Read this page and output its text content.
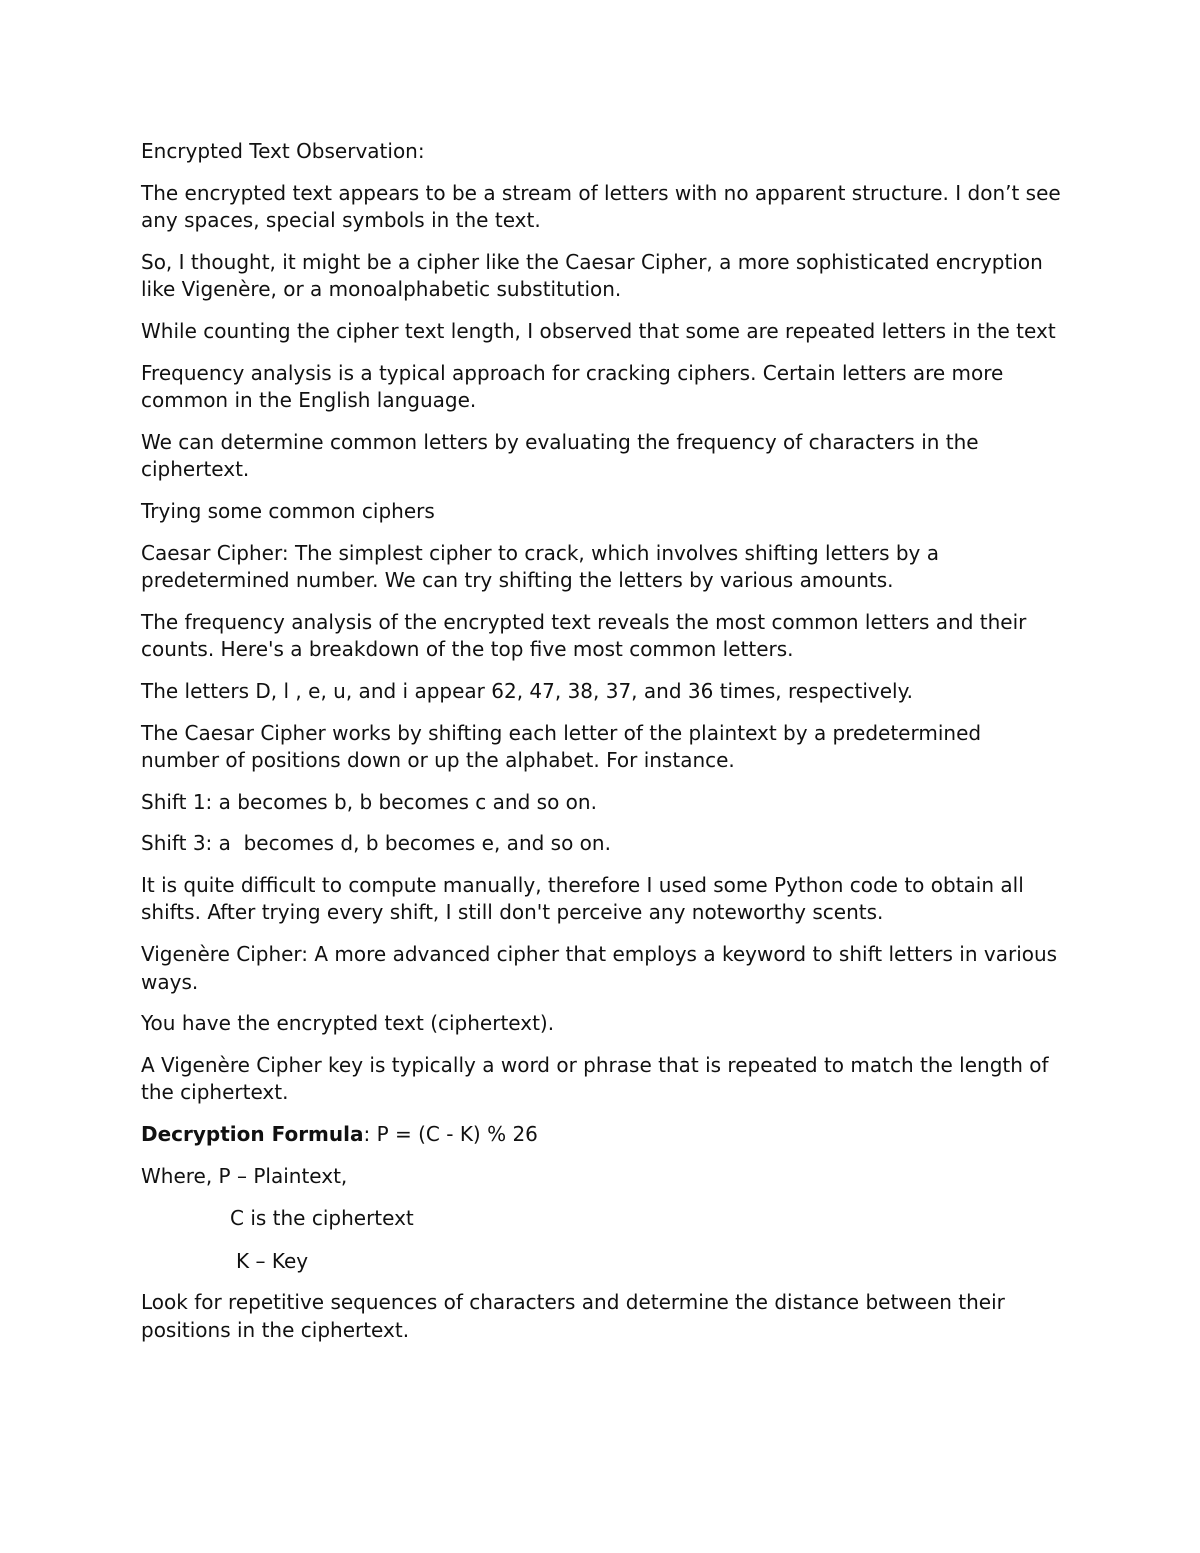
Encrypted Text Observation:

The encrypted text appears to be a stream of letters with no apparent structure. I don’t see any spaces, special symbols in the text.

So, I thought, it might be a cipher like the Caesar Cipher, a more sophisticated encryption like Vigenère, or a monoalphabetic substitution.

While counting the cipher text length, I observed that some are repeated letters in the text

Frequency analysis is a typical approach for cracking ciphers. Certain letters are more common in the English language.

We can determine common letters by evaluating the frequency of characters in the ciphertext.

Trying some common ciphers

Caesar Cipher: The simplest cipher to crack, which involves shifting letters by a predetermined number. We can try shifting the letters by various amounts.

The frequency analysis of the encrypted text reveals the most common letters and their counts. Here's a breakdown of the top five most common letters.

The letters D, l , e, u, and i appear 62, 47, 38, 37, and 36 times, respectively.

The Caesar Cipher works by shifting each letter of the plaintext by a predetermined number of positions down or up the alphabet. For instance.

Shift 1: a becomes b, b becomes c and so on.

Shift 3: a  becomes d, b becomes e, and so on.

It is quite difficult to compute manually, therefore I used some Python code to obtain all shifts. After trying every shift, I still don't perceive any noteworthy scents.

Vigenère Cipher: A more advanced cipher that employs a keyword to shift letters in various ways.

You have the encrypted text (ciphertext).

A Vigenère Cipher key is typically a word or phrase that is repeated to match the length of the ciphertext.

Decryption Formula: P = (C - K) % 26

Where, P – Plaintext,

C is the ciphertext

K – Key

Look for repetitive sequences of characters and determine the distance between their positions in the ciphertext.
